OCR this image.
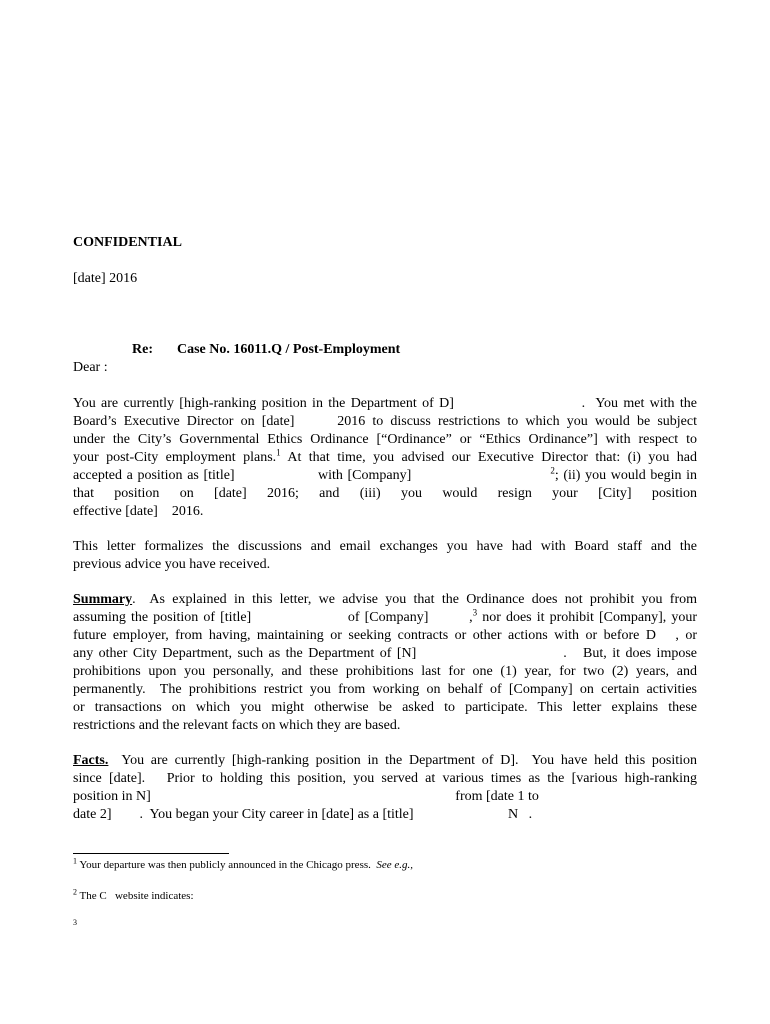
CONFIDENTIAL
[date] 2016

Re: Case No. 16011.Q / Post-Employment

Dear :
You are currently [high-ranking position in the Department of D]                        .  You met with the
Board’s Executive Director on [date]      2016 to discuss restrictions to which you would be subject
under the City’s Governmental Ethics Ordinance [“Ordinance” or “Ethics Ordinance”] with respect to
your post-City employment plans.$^1$ At that time, you advised our Executive Director that: (i) you had
accepted a position as [title]                  with [Company]                              $^2$; (ii) you would begin in
that  position  on  [date]  2016;  and  (iii)  you  would  resign  your  [City]  position
effective [date]    2016.
This letter formalizes the discussions and email exchanges you have had with Board staff and the
previous advice you have received.
Summary.  As explained in this letter, we advise you that the Ordinance does not prohibit you from
assuming the position of [title]                   of [Company]        ,$^3$ nor does it prohibit [Company], your
future employer, from having, maintaining or seeking contracts or other actions with or before D   , or
any other City Department, such as the Department of [N]                           .   But, it does impose
prohibitions upon you personally, and these prohibitions last for one (1) year, for two (2) years, and
permanently.  The prohibitions restrict you from working on behalf of [Company] on certain activities
or transactions on which you might otherwise be asked to participate. This letter explains these
restrictions and the relevant facts on which they are based.
Facts.  You are currently [high-ranking position in the Department of D].  You have held this position
since [date].   Prior to holding this position, you served at various times as the [various high-ranking
position in N]                                                                                       from [date 1 to
date 2]        .  You began your City career in [date] as a [title]                           N   .
$^1$ Your departure was then publicly announced in the Chicago press.  See e.g.,
$^2$ The C   website indicates:
3
